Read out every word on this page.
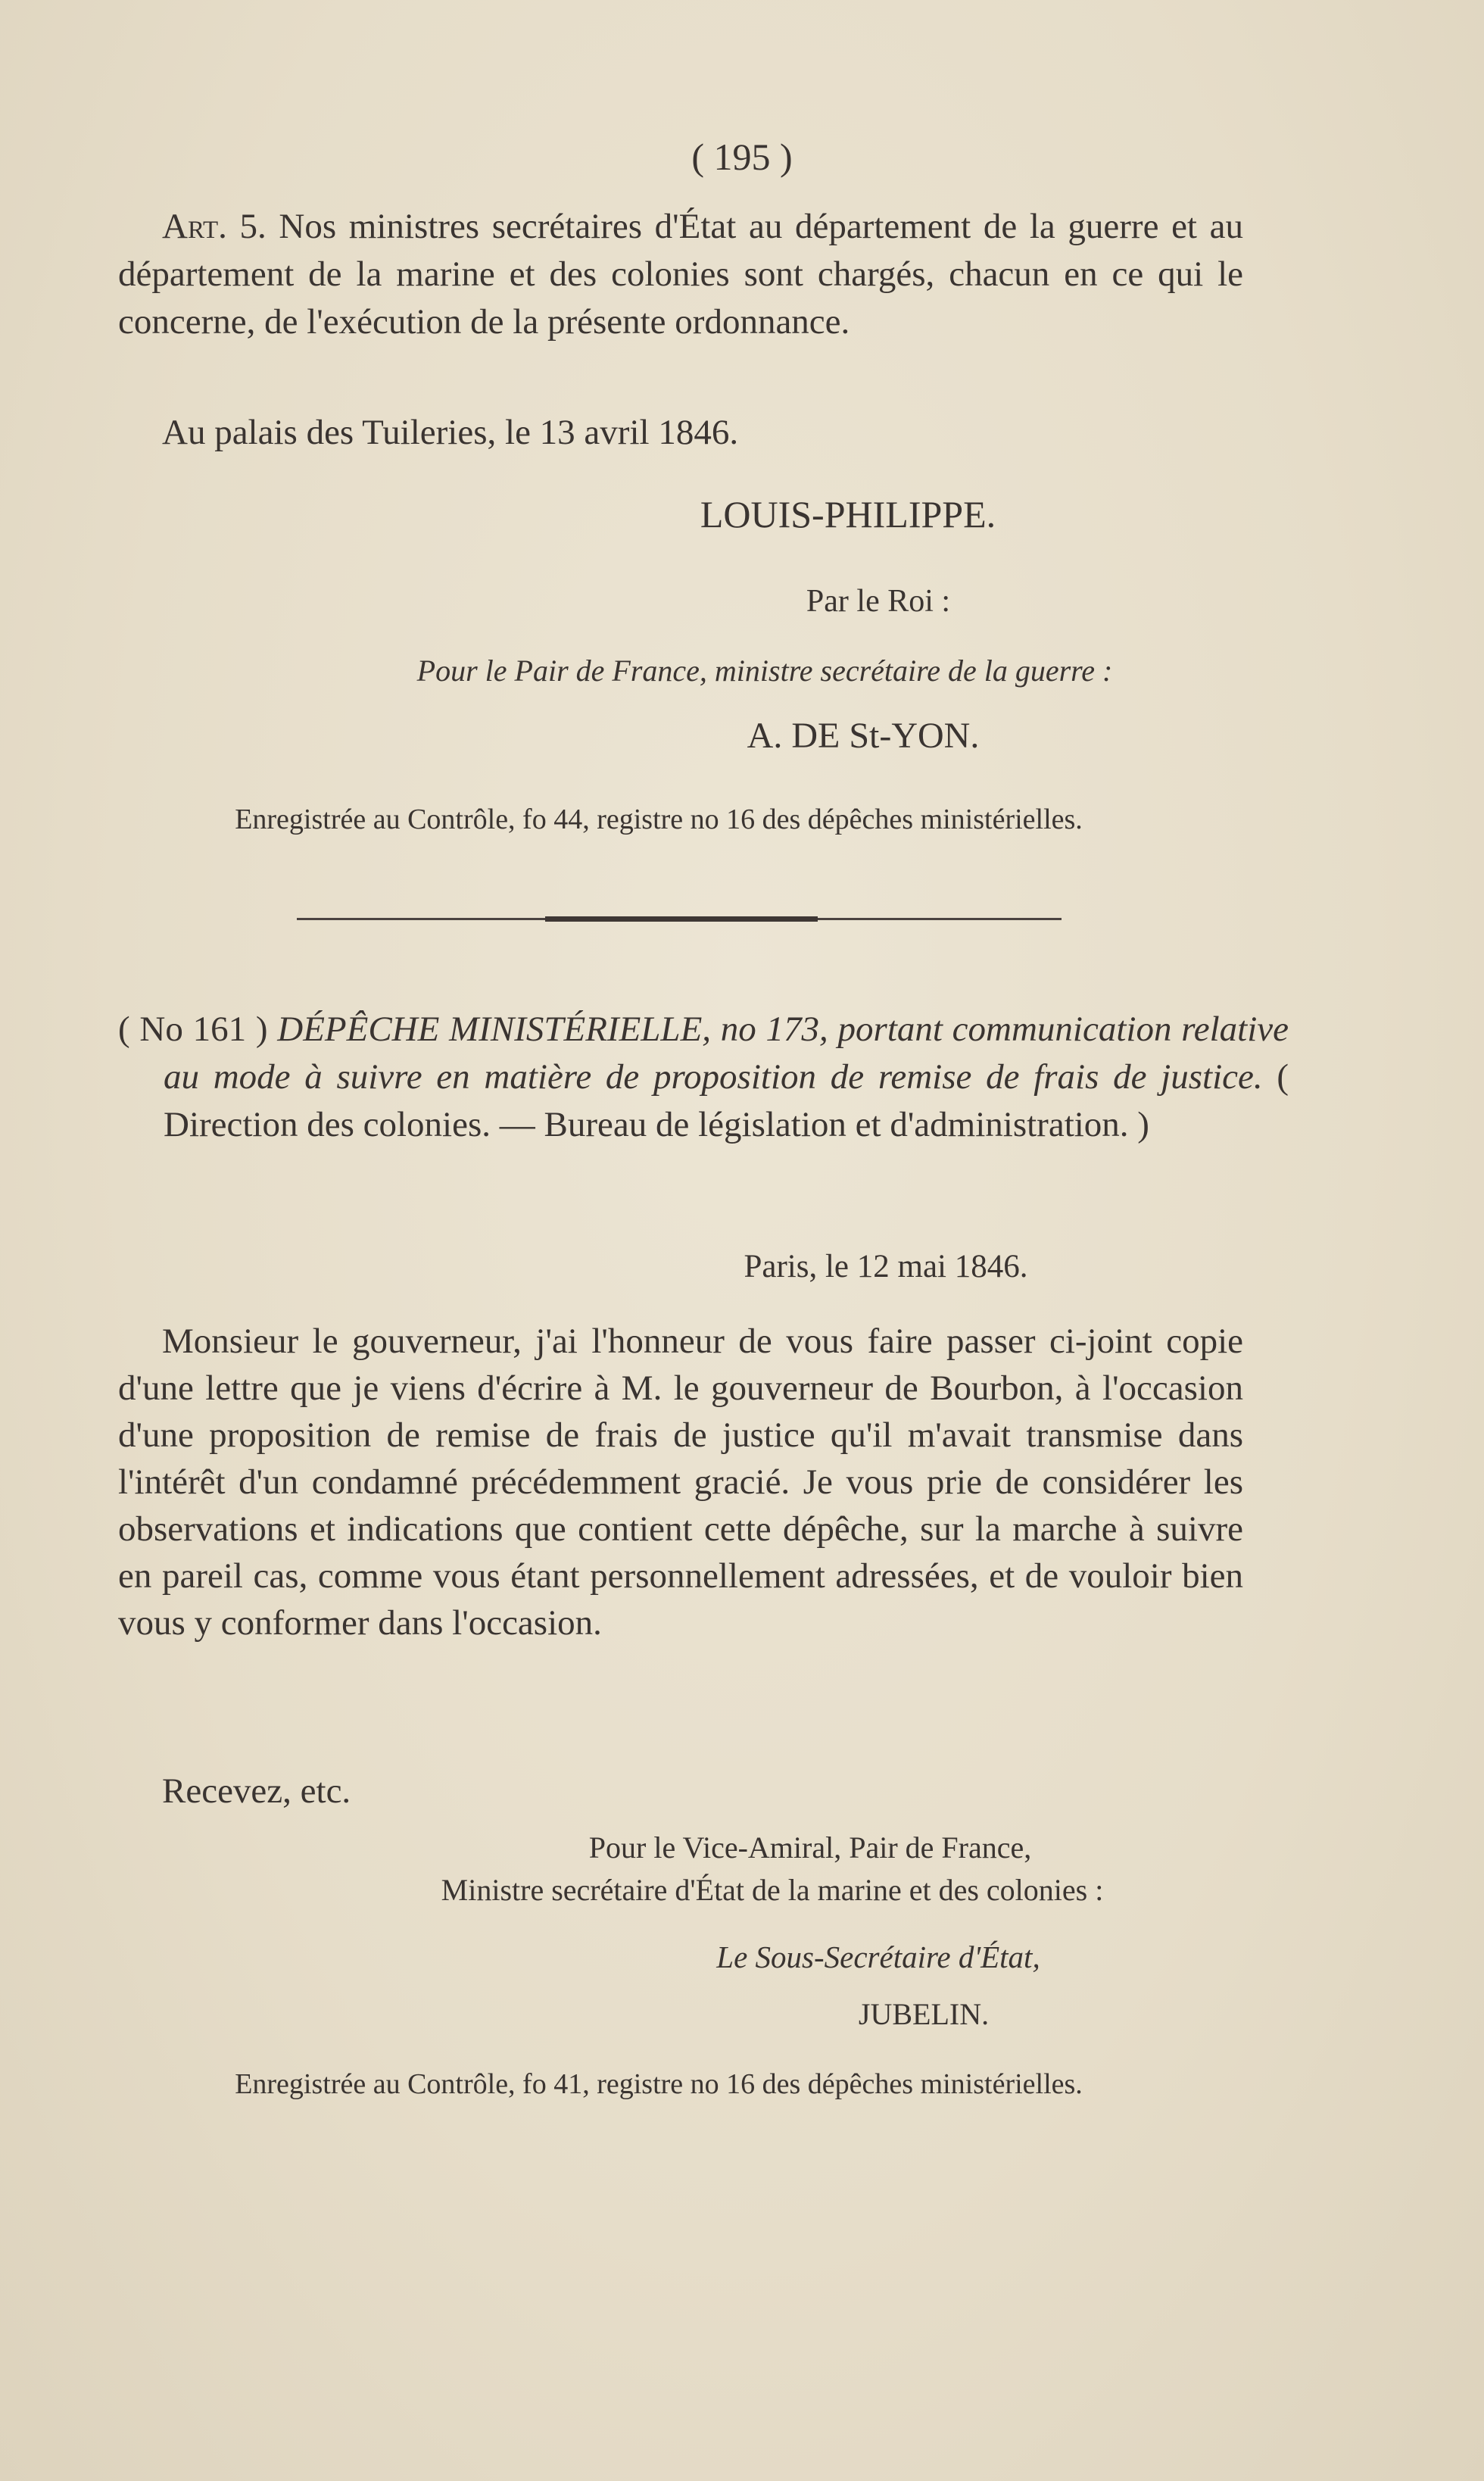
( 195 )
Art. 5. Nos ministres secrétaires d'État au département de la guerre et au département de la marine et des colonies sont chargés, chacun en ce qui le concerne, de l'exécution de la présente ordonnance.
Au palais des Tuileries, le 13 avril 1846.
LOUIS-PHILIPPE.
Par le Roi :
Pour le Pair de France, ministre secrétaire de la guerre :
A. DE St-YON.
Enregistrée au Contrôle, fo 44, registre no 16 des dépêches ministérielles.
( No 161 ) DÉPÊCHE MINISTÉRIELLE, no 173, portant communication relative au mode à suivre en matière de proposition de remise de frais de justice. ( Direction des colonies. — Bureau de législation et d'administration. )
Paris, le 12 mai 1846.
Monsieur le gouverneur, j'ai l'honneur de vous faire passer ci-joint copie d'une lettre que je viens d'écrire à M. le gouverneur de Bourbon, à l'occasion d'une proposition de remise de frais de justice qu'il m'avait transmise dans l'intérêt d'un condamné précédemment gracié. Je vous prie de considérer les observations et indications que contient cette dépêche, sur la marche à suivre en pareil cas, comme vous étant personnellement adressées, et de vouloir bien vous y conformer dans l'occasion.
Recevez, etc.
Pour le Vice-Amiral, Pair de France,
Ministre secrétaire d'État de la marine et des colonies :
Le Sous-Secrétaire d'État,
JUBELIN.
Enregistrée au Contrôle, fo 41, registre no 16 des dépêches ministérielles.
